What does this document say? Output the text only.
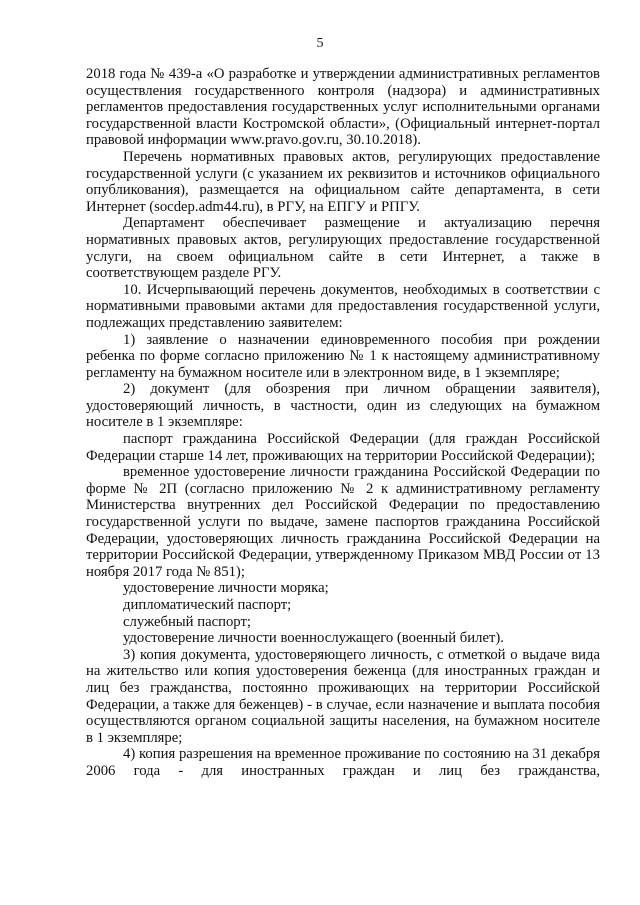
5

2018 года № 439-а «О разработке и утверждении административных регламентов осуществления государственного контроля (надзора) и административных регламентов предоставления государственных услуг исполнительными органами государственной власти Костромской области», (Официальный интернет-портал правовой информации www.pravo.gov.ru, 30.10.2018).

Перечень нормативных правовых актов, регулирующих предоставление государственной услуги (с указанием их реквизитов и источников официального опубликования), размещается на официальном сайте департамента, в сети Интернет (socdep.adm44.ru), в РГУ, на ЕПГУ и РПГУ.

Департамент обеспечивает размещение и актуализацию перечня нормативных правовых актов, регулирующих предоставление государственной услуги, на своем официальном сайте в сети Интернет, а также в соответствующем разделе РГУ.

10. Исчерпывающий перечень документов, необходимых в соответствии с нормативными правовыми актами для предоставления государственной услуги, подлежащих представлению заявителем:

1) заявление о назначении единовременного пособия при рождении ребенка по форме согласно приложению № 1 к настоящему административному регламенту на бумажном носителе или в электронном виде, в 1 экземпляре;

2) документ (для обозрения при личном обращении заявителя), удостоверяющий личность, в частности, один из следующих на бумажном носителе в 1 экземпляре:

паспорт гражданина Российской Федерации (для граждан Российской Федерации старше 14 лет, проживающих на территории Российской Федерации);

временное удостоверение личности гражданина Российской Федерации по форме № 2П (согласно приложению № 2 к административному регламенту Министерства внутренних дел Российской Федерации по предоставлению государственной услуги по выдаче, замене паспортов гражданина Российской Федерации, удостоверяющих личность гражданина Российской Федерации на территории Российской Федерации, утвержденному Приказом МВД России от 13 ноября 2017 года № 851);

удостоверение личности моряка;

дипломатический паспорт;

служебный паспорт;

удостоверение личности военнослужащего (военный билет).

3) копия документа, удостоверяющего личность, с отметкой о выдаче вида на жительство или копия удостоверения беженца (для иностранных граждан и лиц без гражданства, постоянно проживающих на территории Российской Федерации, а также для беженцев) - в случае, если назначение и выплата пособия осуществляются органом социальной защиты населения, на бумажном носителе в 1 экземпляре;

4) копия разрешения на временное проживание по состоянию на 31 декабря 2006 года - для иностранных граждан и лиц без гражданства,
